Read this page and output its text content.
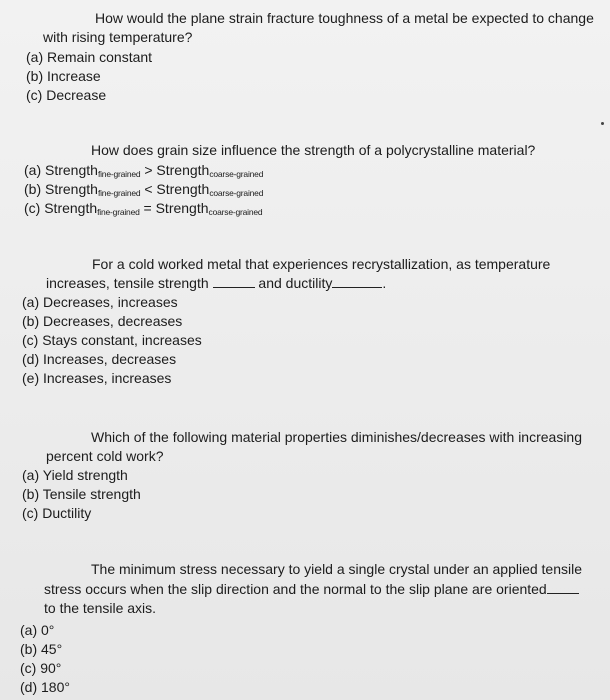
How would the plane strain fracture toughness of a metal be expected to change
with rising temperature?
(a) Remain constant
(b) Increase
(c) Decrease
How does grain size influence the strength of a polycrystalline material?
(a) Strength$_{fine-grained}$ > Strength$_{coarse-grained}$
(b) Strength$_{fine-grained}$ < Strength$_{coarse-grained}$
(c) Strength$_{fine-grained}$ = Strength$_{coarse-grained}$
For a cold worked metal that experiences recrystallization, as temperature
increases, tensile strength	and ductility	.
(a) Decreases, increases
(b) Decreases, decreases
(c) Stays constant, increases
(d) Increases, decreases
(e) Increases, increases
Which of the following material properties diminishes/decreases with increasing
percent cold work?
(a) Yield strength
(b) Tensile strength
(c) Ductility
The minimum stress necessary to yield a single crystal under an applied tensile
stress occurs when the slip direction and the normal to the slip plane are oriented
to the tensile axis.
(a) 0°
(b) 45°
(c) 90°
(d) 180°
